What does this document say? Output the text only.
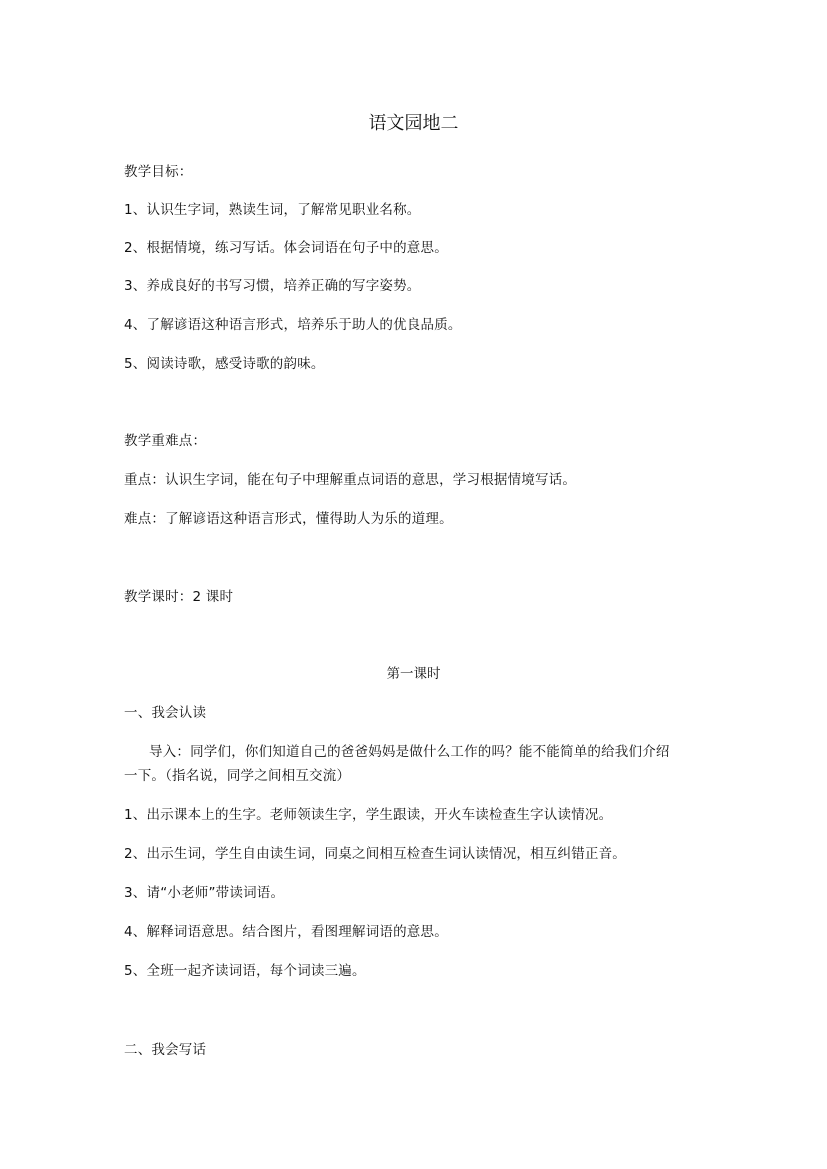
语文园地二
教学目标：
1、认识生字词，熟读生词，了解常见职业名称。
2、根据情境，练习写话。体会词语在句子中的意思。
3、养成良好的书写习惯，培养正确的写字姿势。
4、了解谚语这种语言形式，培养乐于助人的优良品质。
5、阅读诗歌，感受诗歌的韵味。
教学重难点：
重点：认识生字词，能在句子中理解重点词语的意思，学习根据情境写话。
难点：了解谚语这种语言形式，懂得助人为乐的道理。
教学课时：2 课时
第一课时
一、我会认读
导入：同学们，你们知道自己的爸爸妈妈是做什么工作的吗？能不能简单的给我们介绍
一下。（指名说，同学之间相互交流）
1、出示课本上的生字。老师领读生字，学生跟读，开火车读检查生字认读情况。
2、出示生词，学生自由读生词，同桌之间相互检查生词认读情况，相互纠错正音。
3、请“小老师”带读词语。
4、解释词语意思。结合图片，看图理解词语的意思。
5、全班一起齐读词语，每个词读三遍。
二、我会写话
